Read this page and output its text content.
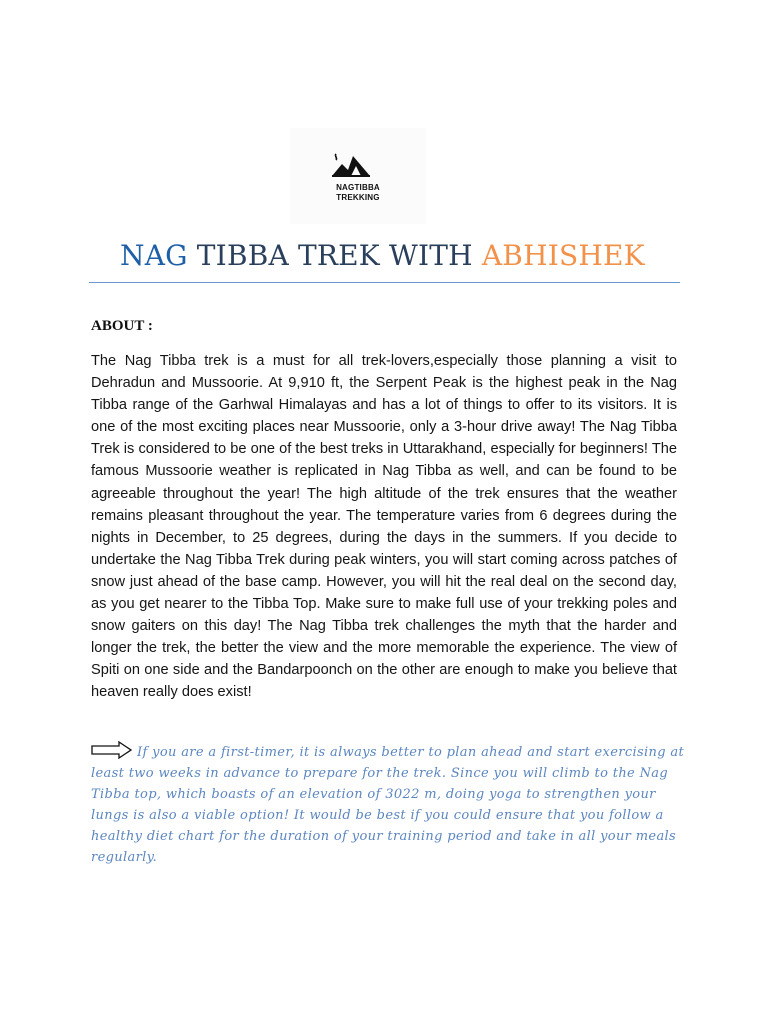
NAGTIBBA
TREKKING
NAG TIBBA TREK WITH ABHISHEK
ABOUT :

The Nag Tibba trek is a must for all trek-lovers,especially those planning a visit to Dehradun and Mussoorie. At 9,910 ft, the Serpent Peak is the highest peak in the Nag Tibba range of the Garhwal Himalayas and has a lot of things to offer to its visitors. It is one of the most exciting places near Mussoorie, only a 3-hour drive away! The Nag Tibba Trek is considered to be one of the best treks in Uttarakhand, especially for beginners! The famous Mussoorie weather is replicated in Nag Tibba as well, and can be found to be agreeable throughout the year! The high altitude of the trek ensures that the weather remains pleasant throughout the year. The temperature varies from 6 degrees during the nights in December, to 25 degrees, during the days in the summers. If you decide to undertake the Nag Tibba Trek during peak winters, you will start coming across patches of snow just ahead of the base camp. However, you will hit the real deal on the second day, as you get nearer to the Tibba Top. Make sure to make full use of your trekking poles and snow gaiters on this day! The Nag Tibba trek challenges the myth that the harder and longer the trek, the better the view and the more memorable the experience. The view of Spiti on one side and the Bandarpoonch on the other are enough to make you believe that heaven really does exist!

If you are a first-timer, it is always better to plan ahead and start exercising at least two weeks in advance to prepare for the trek. Since you will climb to the Nag Tibba top, which boasts of an elevation of 3022 m, doing yoga to strengthen your lungs is also a viable option! It would be best if you could ensure that you follow a healthy diet chart for the duration of your training period and take in all your meals regularly.
